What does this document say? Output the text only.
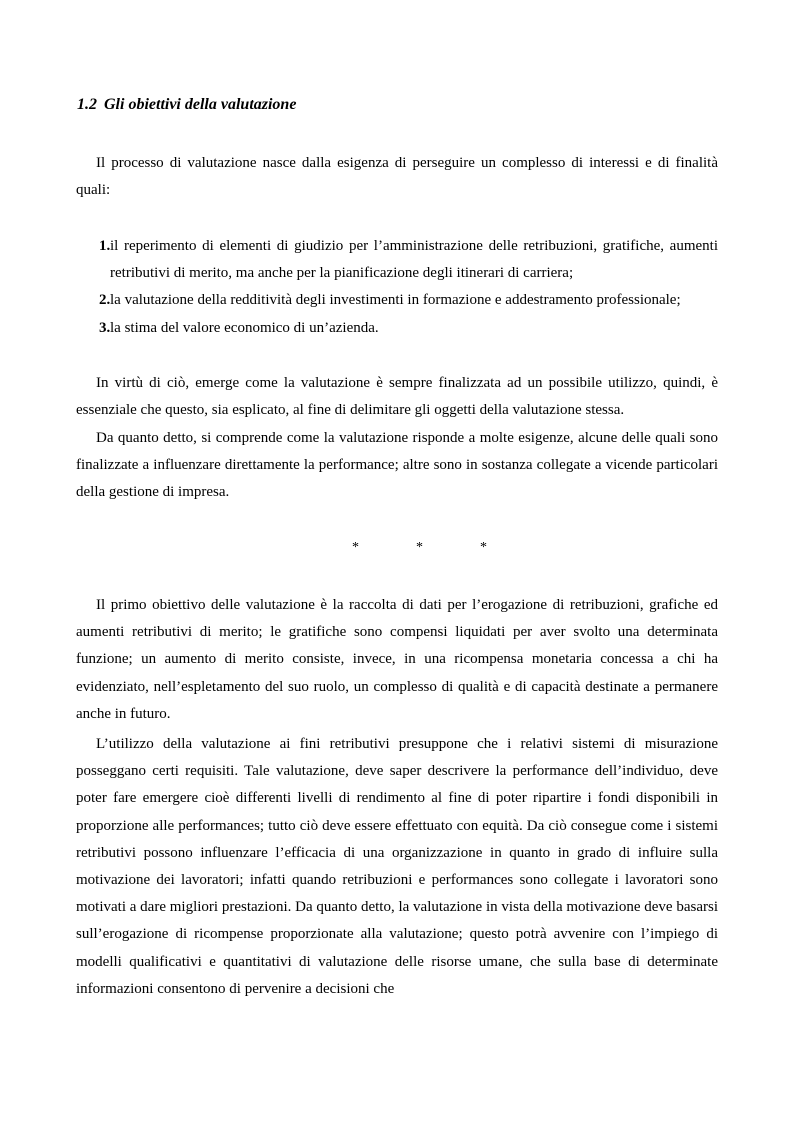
1.2 Gli obiettivi della valutazione

Il processo di valutazione nasce dalla esigenza di perseguire un complesso di interessi e di finalità quali:

1. il reperimento di elementi di giudizio per l’amministrazione delle retribuzioni, gratifiche, aumenti retributivi di merito, ma anche per la pianificazione degli itinerari di carriera;
2. la valutazione della redditività degli investimenti in formazione e addestramento professionale;
3. la stima del valore economico di un’azienda.

In virtù di ciò, emerge come la valutazione è sempre finalizzata ad un possibile utilizzo, quindi, è essenziale che questo, sia esplicato, al fine di delimitare gli oggetti della valutazione stessa.

Da quanto detto, si comprende come la valutazione risponde a molte esigenze, alcune delle quali sono finalizzate a influenzare direttamente la performance; altre sono in sostanza collegate a vicende particolari della gestione di impresa.

*	*	*

Il primo obiettivo delle valutazione è la raccolta di dati per l’erogazione di retribuzioni, grafiche ed aumenti retributivi di merito; le gratifiche sono compensi liquidati per aver svolto una determinata funzione; un aumento di merito consiste, invece, in una ricompensa monetaria concessa a chi ha evidenziato, nell’espletamento del suo ruolo, un complesso di qualità e di capacità destinate a permanere anche in futuro.

L’utilizzo della valutazione ai fini retributivi presuppone che i relativi sistemi di misurazione posseggano certi requisiti. Tale valutazione, deve saper descrivere la performance dell’individuo, deve poter fare emergere cioè differenti livelli di rendimento al fine di poter ripartire i fondi disponibili in proporzione alle performances; tutto ciò deve essere effettuato con equità. Da ciò consegue come i sistemi retributivi possono influenzare l’efficacia di una organizzazione in quanto in grado di influire sulla motivazione dei lavoratori; infatti quando retribuzioni e performances sono collegate i lavoratori sono motivati a dare migliori prestazioni. Da quanto detto, la valutazione in vista della motivazione deve basarsi sull’erogazione di ricompense proporzionate alla valutazione; questo potrà avvenire con l’impiego di modelli qualificativi e quantitativi di valutazione delle risorse umane, che sulla base di determinate informazioni consentono di pervenire a decisioni che
